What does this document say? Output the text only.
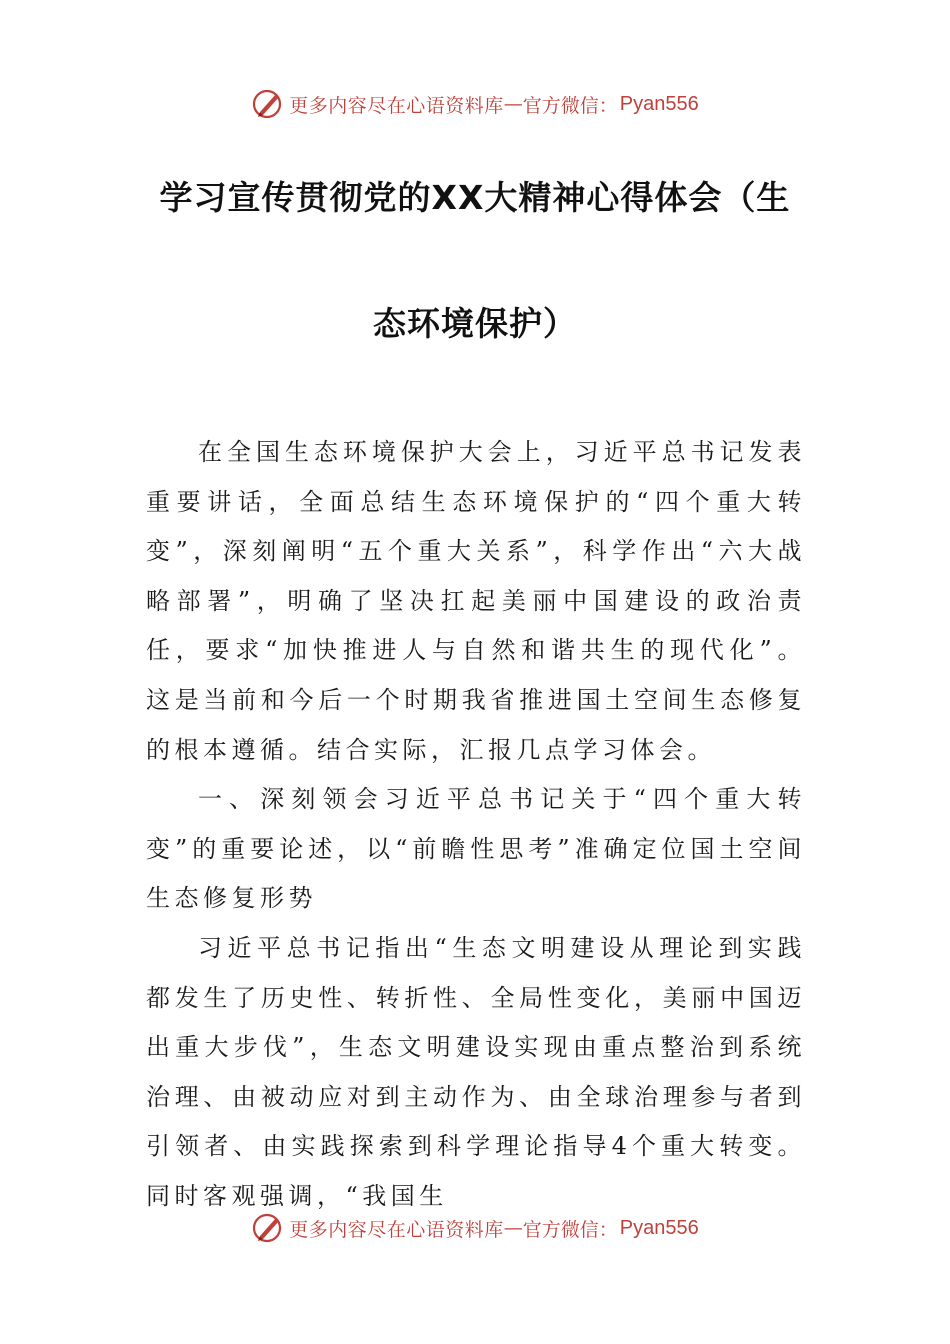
更多内容尽在心语资料库 — 官方微信： Pyan556
学习宣传贯彻党的XX大精神心得体会（生
态环境保护）

在全国生态环境保护大会上，习近平总书记发表重要讲话，全面总结生态环境保护的“四个重大转变”，深刻阐明“五个重大关系”，科学作出“六大战略部署”，明确了坚决扛起美丽中国建设的政治责任，要求“加快推进人与自然和谐共生的现代化”。这是当前和今后一个时期我省推进国土空间生态修复的根本遵循。结合实际，汇报几点学习体会。

一、深刻领会习近平总书记关于“四个重大转变”的重要论述，以“前瞻性思考”准确定位国土空间生态修复形势

习近平总书记指出“生态文明建设从理论到实践都发生了历史性、转折性、全局性变化，美丽中国迈出重大步伐”，生态文明建设实现由重点整治到系统治理、由被动应对到主动作为、由全球治理参与者到引领者、由实践探索到科学理论指导4个重大转变。同时客观强调，“我国生

更多内容尽在心语资料库 — 官方微信： Pyan556
